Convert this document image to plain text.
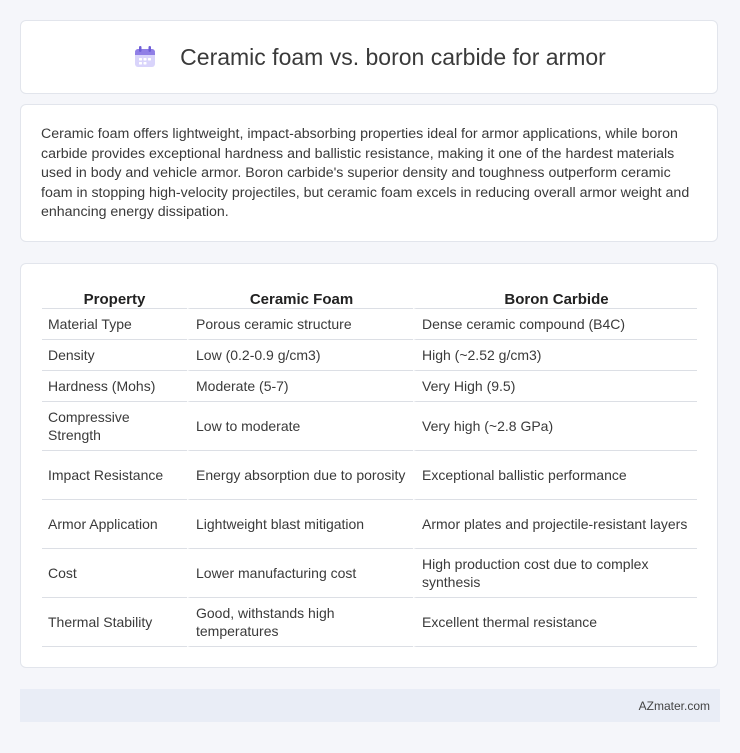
Ceramic foam vs. boron carbide for armor

Ceramic foam offers lightweight, impact-absorbing properties ideal for armor applications, while boron carbide provides exceptional hardness and ballistic resistance, making it one of the hardest materials used in body and vehicle armor. Boron carbide's superior density and toughness outperform ceramic foam in stopping high-velocity projectiles, but ceramic foam excels in reducing overall armor weight and enhancing energy dissipation.

Property	Ceramic Foam	Boron Carbide
Material Type	Porous ceramic structure	Dense ceramic compound (B4C)
Density	Low (0.2-0.9 g/cm3)	High (~2.52 g/cm3)
Hardness (Mohs)	Moderate (5-7)	Very High (9.5)
Compressive Strength	Low to moderate	Very high (~2.8 GPa)
Impact Resistance	Energy absorption due to porosity	Exceptional ballistic performance
Armor Application	Lightweight blast mitigation	Armor plates and projectile-resistant layers
Cost	Lower manufacturing cost	High production cost due to complex synthesis
Thermal Stability	Good, withstands high temperatures	Excellent thermal resistance
AZmater.com
